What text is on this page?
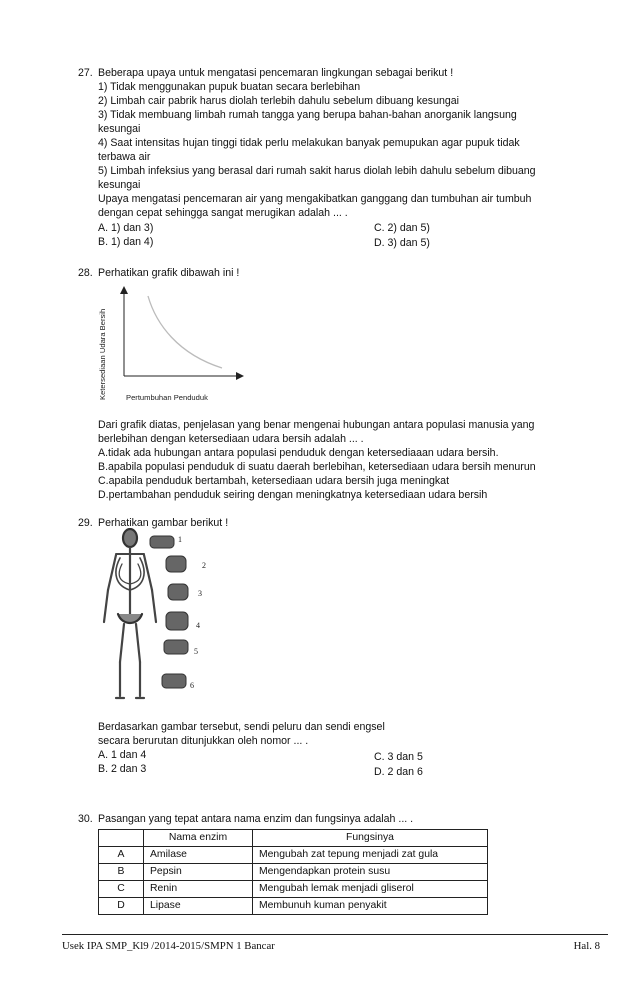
27. Beberapa upaya untuk mengatasi pencemaran lingkungan sebagai berikut !
1) Tidak menggunakan pupuk buatan secara berlebihan
2) Limbah cair pabrik harus diolah terlebih dahulu sebelum dibuang kesungai
3) Tidak membuang limbah rumah tangga yang berupa bahan-bahan anorganik langsung
kesungai
4) Saat intensitas hujan tinggi tidak perlu melakukan banyak pemupukan agar pupuk tidak
terbawa air
5) Limbah infeksius yang berasal dari rumah sakit harus diolah lebih dahulu sebelum dibuang
kesungai
Upaya mengatasi pencemaran air yang mengakibatkan ganggang dan tumbuhan air tumbuh
dengan cepat sehingga sangat merugikan adalah ... .
A. 1) dan 3)
B. 1) dan 4)
C. 2) dan 5)
D. 3) dan 5)
28. Perhatikan grafik dibawah ini !
Ketersediaan Udara Bersih	Pertumbuhan Penduduk
Dari grafik diatas, penjelasan yang benar mengenai hubungan antara populasi manusia yang
berlebihan dengan ketersediaan udara bersih adalah ... .
A.tidak ada hubungan antara populasi penduduk dengan ketersediaaan udara bersih.
B.apabila populasi penduduk di suatu daerah berlebihan, ketersediaan udara bersih menurun
C.apabila penduduk bertambah, ketersediaan udara bersih juga meningkat
D.pertambahan penduduk seiring dengan meningkatnya ketersediaan udara bersih
29. Perhatikan gambar berikut !
1
2
3
4
5
6
Berdasarkan gambar tersebut, sendi peluru dan sendi engsel
secara berurutan ditunjukkan oleh nomor ... .
A. 1 dan 4
B. 2 dan 3
C. 3 dan 5
D. 2 dan 6
30. Pasangan yang tepat antara nama enzim dan fungsinya adalah ... .
	Nama enzim	Fungsinya
A	Amilase	Mengubah zat tepung menjadi zat gula
B	Pepsin	Mengendapkan protein susu
C	Renin	Mengubah lemak menjadi gliserol
D	Lipase	Membunuh kuman penyakit
Usek IPA SMP_Kl9 /2014-2015/SMPN 1 Bancar	Hal. 8
